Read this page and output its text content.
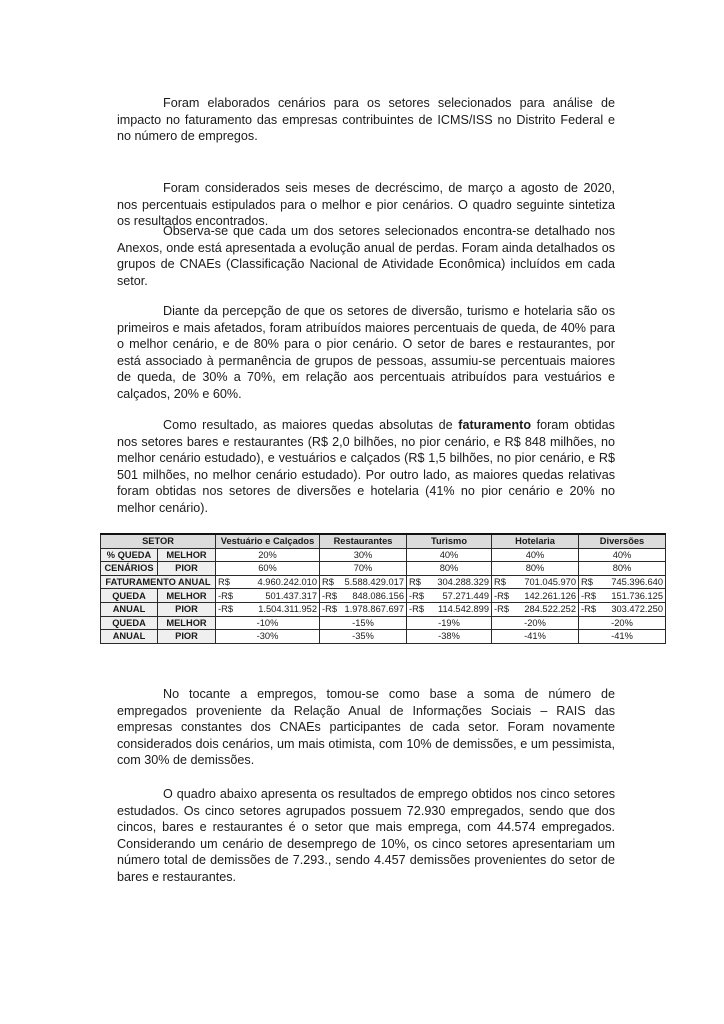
Foram elaborados cenários para os setores selecionados para análise de impacto no faturamento das empresas contribuintes de ICMS/ISS no Distrito Federal e no número de empregos.

Foram considerados seis meses de decréscimo, de março a agosto de 2020, nos percentuais estipulados para o melhor e pior cenários. O quadro seguinte sintetiza os resultados encontrados.

Observa-se que cada um dos setores selecionados encontra-se detalhado nos Anexos, onde está apresentada a evolução anual de perdas. Foram ainda detalhados os grupos de CNAEs (Classificação Nacional de Atividade Econômica) incluídos em cada setor.

Diante da percepção de que os setores de diversão, turismo e hotelaria são os primeiros e mais afetados, foram atribuídos maiores percentuais de queda, de 40% para o melhor cenário, e de 80% para o pior cenário. O setor de bares e restaurantes, por está associado à permanência de grupos de pessoas, assumiu-se percentuais maiores de queda, de 30% a 70%, em relação aos percentuais atribuídos para vestuários e calçados, 20% e 60%.

Como resultado, as maiores quedas absolutas de faturamento foram obtidas nos setores bares e restaurantes (R$ 2,0 bilhões, no pior cenário, e R$ 848 milhões, no melhor cenário estudado), e vestuários e calçados (R$ 1,5 bilhões, no pior cenário, e R$ 501 milhões, no melhor cenário estudado). Por outro lado, as maiores quedas relativas foram obtidas nos setores de diversões e hotelaria (41% no pior cenário e 20% no melhor cenário).

SETOR		Vestuário e Calçados	Restaurantes	Turismo	Hotelaria	Diversões
% QUEDA	MELHOR	20%	30%	40%	40%	40%
CENÁRIOS	PIOR	60%	70%	80%	80%	80%
FATURAMENTO ANUAL		R$ 4.960.242.010	R$ 5.588.429.017	R$ 304.288.329	R$ 701.045.970	R$ 745.396.640

QUEDA	MELHOR	-R$ 501.437.317	-R$ 848.086.156	-R$ 57.271.449	-R$ 142.261.126	-R$ 151.736.125

ANUAL	PIOR	-R$ 1.504.311.952	-R$ 1.978.867.697	-R$ 114.542.899	-R$ 284.522.252	-R$ 303.472.250

QUEDA	MELHOR	-10%	-15%	-19%	-20%	-20%
ANUAL	PIOR	-30%	-35%	-38%	-41%	-41%

No tocante a empregos, tomou-se como base a soma de número de empregados proveniente da Relação Anual de Informações Sociais – RAIS das empresas constantes dos CNAEs participantes de cada setor. Foram novamente considerados dois cenários, um mais otimista, com 10% de demissões, e um pessimista, com 30% de demissões.

O quadro abaixo apresenta os resultados de emprego obtidos nos cinco setores estudados. Os cinco setores agrupados possuem 72.930 empregados, sendo que dos cincos, bares e restaurantes é o setor que mais emprega, com 44.574 empregados. Considerando um cenário de desemprego de 10%, os cinco setores apresentariam um número total de demissões de 7.293., sendo 4.457 demissões provenientes do setor de bares e restaurantes.
